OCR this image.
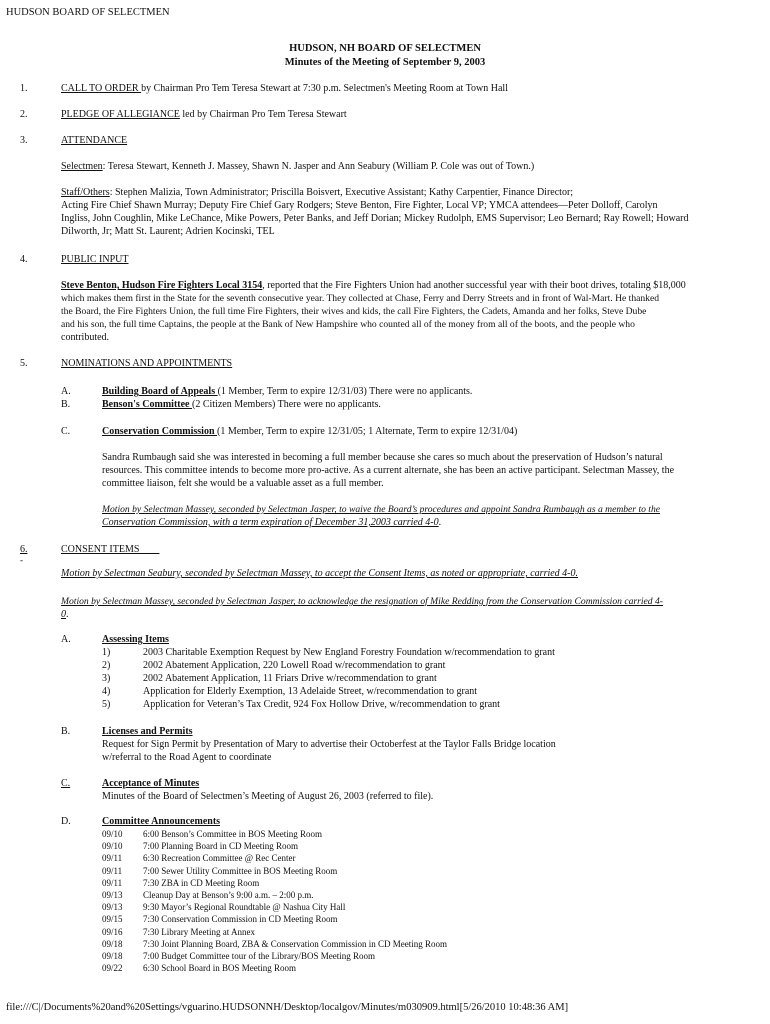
HUDSON BOARD OF SELECTMEN
HUDSON, NH BOARD OF SELECTMEN
Minutes of the Meeting of September 9, 2003
1.	CALL TO ORDER by Chairman Pro Tem Teresa Stewart at 7:30 p.m. Selectmen's Meeting Room at Town Hall
2.	PLEDGE OF ALLEGIANCE led by Chairman Pro Tem Teresa Stewart
3.	ATTENDANCE
Selectmen: Teresa Stewart, Kenneth J. Massey, Shawn N. Jasper and Ann Seabury (William P. Cole was out of Town.)
Staff/Others: Stephen Malizia, Town Administrator; Priscilla Boisvert, Executive Assistant; Kathy Carpentier, Finance Director;
Acting Fire Chief Shawn Murray; Deputy Fire Chief Gary Rodgers; Steve Benton, Fire Fighter, Local VP; YMCA attendees—Peter Dolloff, Carolyn
Ingliss, John Coughlin, Mike LeChance, Mike Powers, Peter Banks, and Jeff Dorian; Mickey Rudolph, EMS Supervisor; Leo Bernard; Ray Rowell; Howard
Dilworth, Jr; Matt St. Laurent; Adrien Kocinski, TEL
4.	PUBLIC INPUT
Steve Benton, Hudson Fire Fighters Local 3154, reported that the Fire Fighters Union had another successful year with their boot drives, totaling $18,000
which makes them first in the State for the seventh consecutive year. They collected at Chase, Ferry and Derry Streets and in front of Wal-Mart. He thanked
the Board, the Fire Fighters Union, the full time Fire Fighters, their wives and kids, the call Fire Fighters, the Cadets, Amanda and her folks, Steve Dube
and his son, the full time Captains, the people at the Bank of New Hampshire who counted all of the money from all of the boots, and the people who
contributed.
5.	NOMINATIONS AND APPOINTMENTS
A.	Building Board of Appeals (1 Member, Term to expire 12/31/03) There were no applicants.
B.	Benson's Committee (2 Citizen Members) There were no applicants.
C.	Conservation Commission (1 Member, Term to expire 12/31/05; 1 Alternate, Term to expire 12/31/04)
Sandra Rumbaugh said she was interested in becoming a full member because she cares so much about the preservation of Hudson’s natural
resources. This committee intends to become more pro-active. As a current alternate, she has been an active participant. Selectman Massey, the
committee liaison, felt she would be a valuable asset as a full member.
Motion by Selectman Massey, seconded by Selectman Jasper, to waive the Board’s procedures and appoint Sandra Rumbaugh as a member to the
Conservation Commission, with a term expiration of December 31,2003 carried 4-0.
6.	CONSENT ITEMS
-
Motion by Selectman Seabury, seconded by Selectman Massey, to accept the Consent Items, as noted or appropriate, carried 4-0.
Motion by Selectman Massey, seconded by Selectman Jasper, to acknowledge the resignation of Mike Redding from the Conservation Commission carried 4-
0.
A.	Assessing Items
1)	2003 Charitable Exemption Request by New England Forestry Foundation w/recommendation to grant
2)	2002 Abatement Application, 220 Lowell Road w/recommendation to grant
3)	2002 Abatement Application, 11 Friars Drive w/recommendation to grant
4)	Application for Elderly Exemption, 13 Adelaide Street, w/recommendation to grant
5)	Application for Veteran’s Tax Credit, 924 Fox Hollow Drive, w/recommendation to grant
B.	Licenses and Permits
Request for Sign Permit by Presentation of Mary to advertise their Octoberfest at the Taylor Falls Bridge location
w/referral to the Road Agent to coordinate
C.	Acceptance of Minutes
Minutes of the Board of Selectmen’s Meeting of August 26, 2003 (referred to file).
D.	Committee Announcements
09/10 6:00 Benson’s Committee in BOS Meeting Room
09/10 7:00 Planning Board in CD Meeting Room
09/11 6:30 Recreation Committee @ Rec Center
09/11 7:00 Sewer Utility Committee in BOS Meeting Room
09/11 7:30 ZBA in CD Meeting Room
09/13 Cleanup Day at Benson’s 9:00 a.m. – 2:00 p.m.
09/13 9:30 Mayor’s Regional Roundtable @ Nashua City Hall
09/15 7:30 Conservation Commission in CD Meeting Room
09/16 7:30 Library Meeting at Annex
09/18 7:30 Joint Planning Board, ZBA & Conservation Commission in CD Meeting Room
09/18 7:00 Budget Committee tour of the Library/BOS Meeting Room
09/22 6:30 School Board in BOS Meeting Room
file:///C|/Documents%20and%20Settings/vguarino.HUDSONNH/Desktop/localgov/Minutes/m030909.html[5/26/2010 10:48:36 AM]
